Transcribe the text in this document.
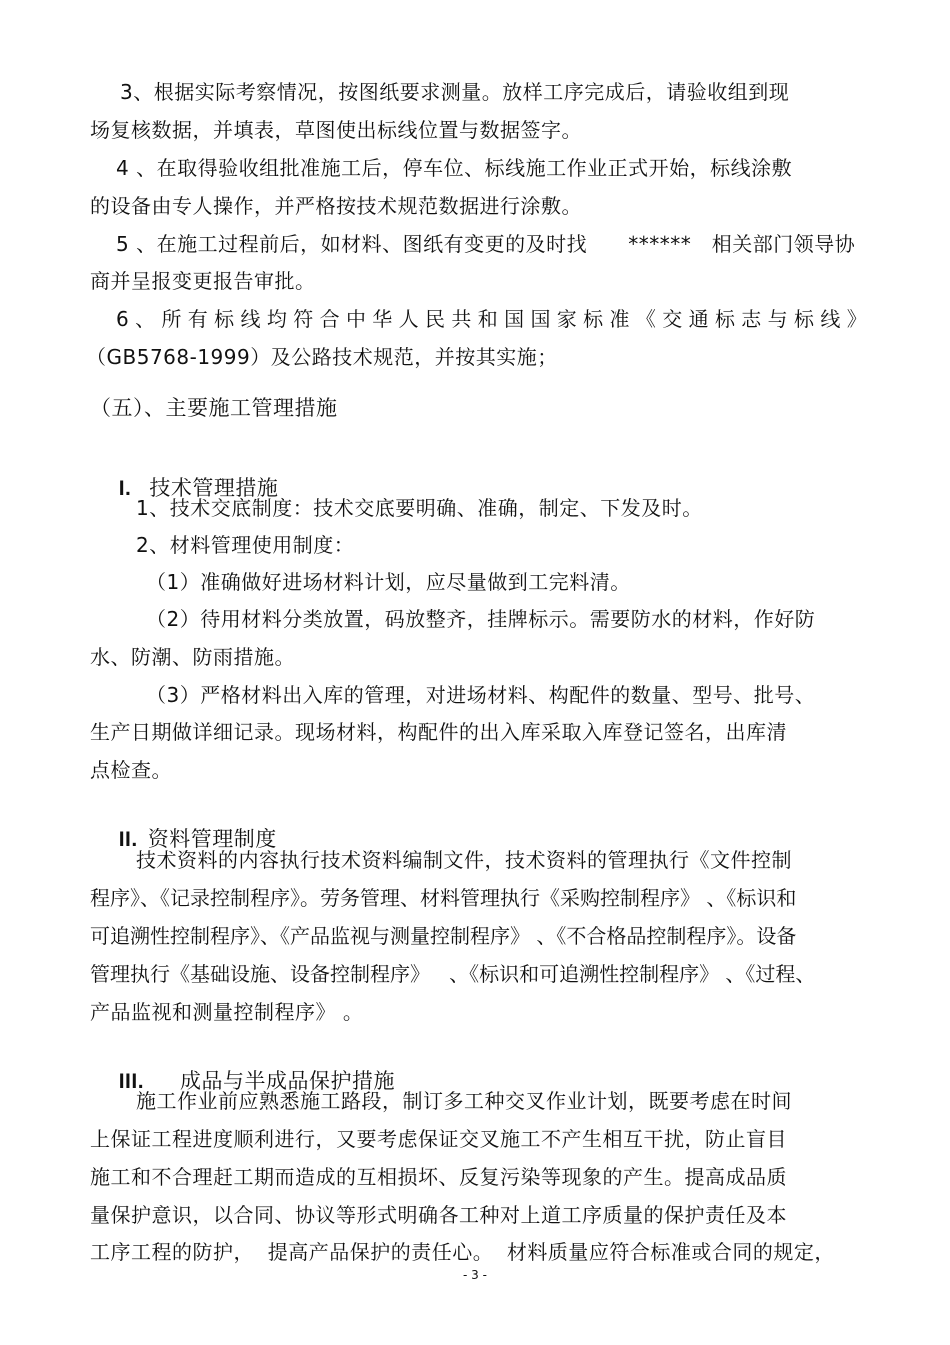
3、根据实际考察情况，按图纸要求测量。放样工序完成后，请验收组到现
场复核数据，并填表，草图使出标线位置与数据签字。
4 、在取得验收组批准施工后，停车位、标线施工作业正式开始，标线涂敷
的设备由专人操作，并严格按技术规范数据进行涂敷。
5 、在施工过程前后，如材料、图纸有变更的及时找      ******   相关部门领导协
商并呈报变更报告审批。
6 、 所 有 标 线 均 符 合 中 华 人 民 共 和 国 国 家 标 准 《 交 通 标 志 与 标 线 》
（GB5768-1999）及公路技术规范，并按其实施；
（五）、主要施工管理措施

I. 技术管理措施

1、技术交底制度：技术交底要明确、准确，制定、下发及时。
2、材料管理使用制度：
（1）准确做好进场材料计划，应尽量做到工完料清。
（2）待用材料分类放置，码放整齐，挂牌标示。需要防水的材料，作好防
水、防潮、防雨措施。
（3）严格材料出入库的管理，对进场材料、构配件的数量、型号、批号、
生产日期做详细记录。现场材料，构配件的出入库采取入库登记签名，出库清
点检查。

II. 资料管理制度

技术资料的内容执行技术资料编制文件，技术资料的管理执行《文件控制
程序》、《记录控制程序》。劳务管理、材料管理执行《采购控制程序》 、《标识和
可追溯性控制程序》、《产品监视与测量控制程序》 、《不合格品控制程序》。设备
管理执行《基础设施、设备控制程序》   、《标识和可追溯性控制程序》 、《过程、
产品监视和测量控制程序》 。

III. 成品与半成品保护措施

施工作业前应熟悉施工路段，制订多工种交叉作业计划，既要考虑在时间
上保证工程进度顺利进行，又要考虑保证交叉施工不产生相互干扰，防止盲目
施工和不合理赶工期而造成的互相损坏、反复污染等现象的产生。提高成品质
量保护意识，以合同、协议等形式明确各工种对上道工序质量的保护责任及本
工序工程的防护，  提高产品保护的责任心。  材料质量应符合标准或合同的规定，
- 3 -
